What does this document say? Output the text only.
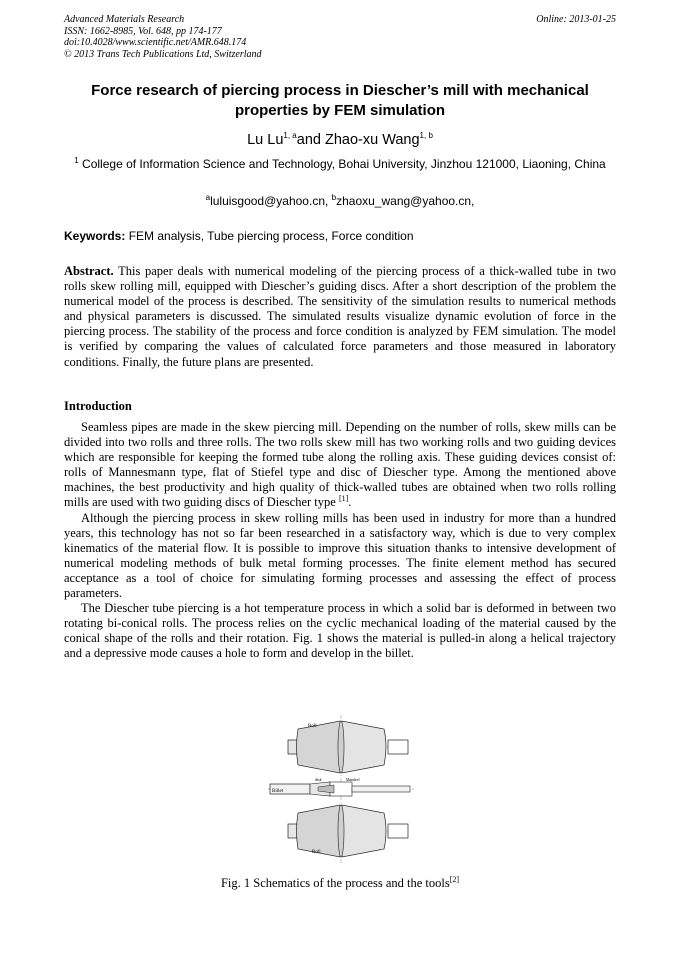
Advanced Materials Research
ISSN: 1662-8985, Vol. 648, pp 174-177
doi:10.4028/www.scientific.net/AMR.648.174
© 2013 Trans Tech Publications Ltd, Switzerland
Online: 2013-01-25
Force research of piercing process in Diescher’s mill with mechanical properties by FEM simulation
Lu Lu$^{1, a}$and Zhao-xu Wang$^{1, b}$
$^1$ College of Information Science and Technology, Bohai University, Jinzhou 121000, Liaoning, China
$^a$luluisgood@yahoo.cn, $^b$zhaoxu_wang@yahoo.cn,
Keywords: FEM analysis, Tube piercing process, Force condition
Abstract. This paper deals with numerical modeling of the piercing process of a thick-walled tube in two rolls skew rolling mill, equipped with Diescher’s guiding discs. After a short description of the problem the numerical model of the process is described. The sensitivity of the simulation results to numerical methods and physical parameters is discussed. The simulated results visualize dynamic evolution of force in the piercing process. The stability of the process and force condition is analyzed by FEM simulation. The model is verified by comparing the values of calculated force parameters and those measured in laboratory conditions. Finally, the future plans are presented.
Introduction

Seamless pipes are made in the skew piercing mill. Depending on the number of rolls, skew mills can be divided into two rolls and three rolls. The two rolls skew mill has two working rolls and two guiding devices which are responsible for keeping the formed tube along the rolling axis. These guiding devices consist of: rolls of Mannesmann type, flat of Stiefel type and disc of Diescher type. Among the mentioned above machines, the best productivity and high quality of thick-walled tubes are obtained when two rolls rolling mills are used with two guiding discs of Diescher type [1].

Although the piercing process in skew rolling mills has been used in industry for more than a hundred years, this technology has not so far been researched in a satisfactory way, which is due to very complex kinematics of the material flow. It is possible to improve this situation thanks to intensive development of numerical modeling methods of bulk metal forming processes. The finite element method has secured acceptance as a tool of choice for simulating forming processes and assessing the effect of process parameters.

The Diescher tube piercing is a hot temperature process in which a solid bar is deformed in between two rotating bi-conical rolls. The process relies on the cyclic mechanical loading of the material caused by the conical shape of the rolls and their rotation. Fig. 1 shows the material is pulled-in along a helical trajectory and a depressive mode causes a hole to form and develop in the billet.

Roll
Billet
disk	Mandrel
Roll
Fig. 1 Schematics of the process and the tools[2]
